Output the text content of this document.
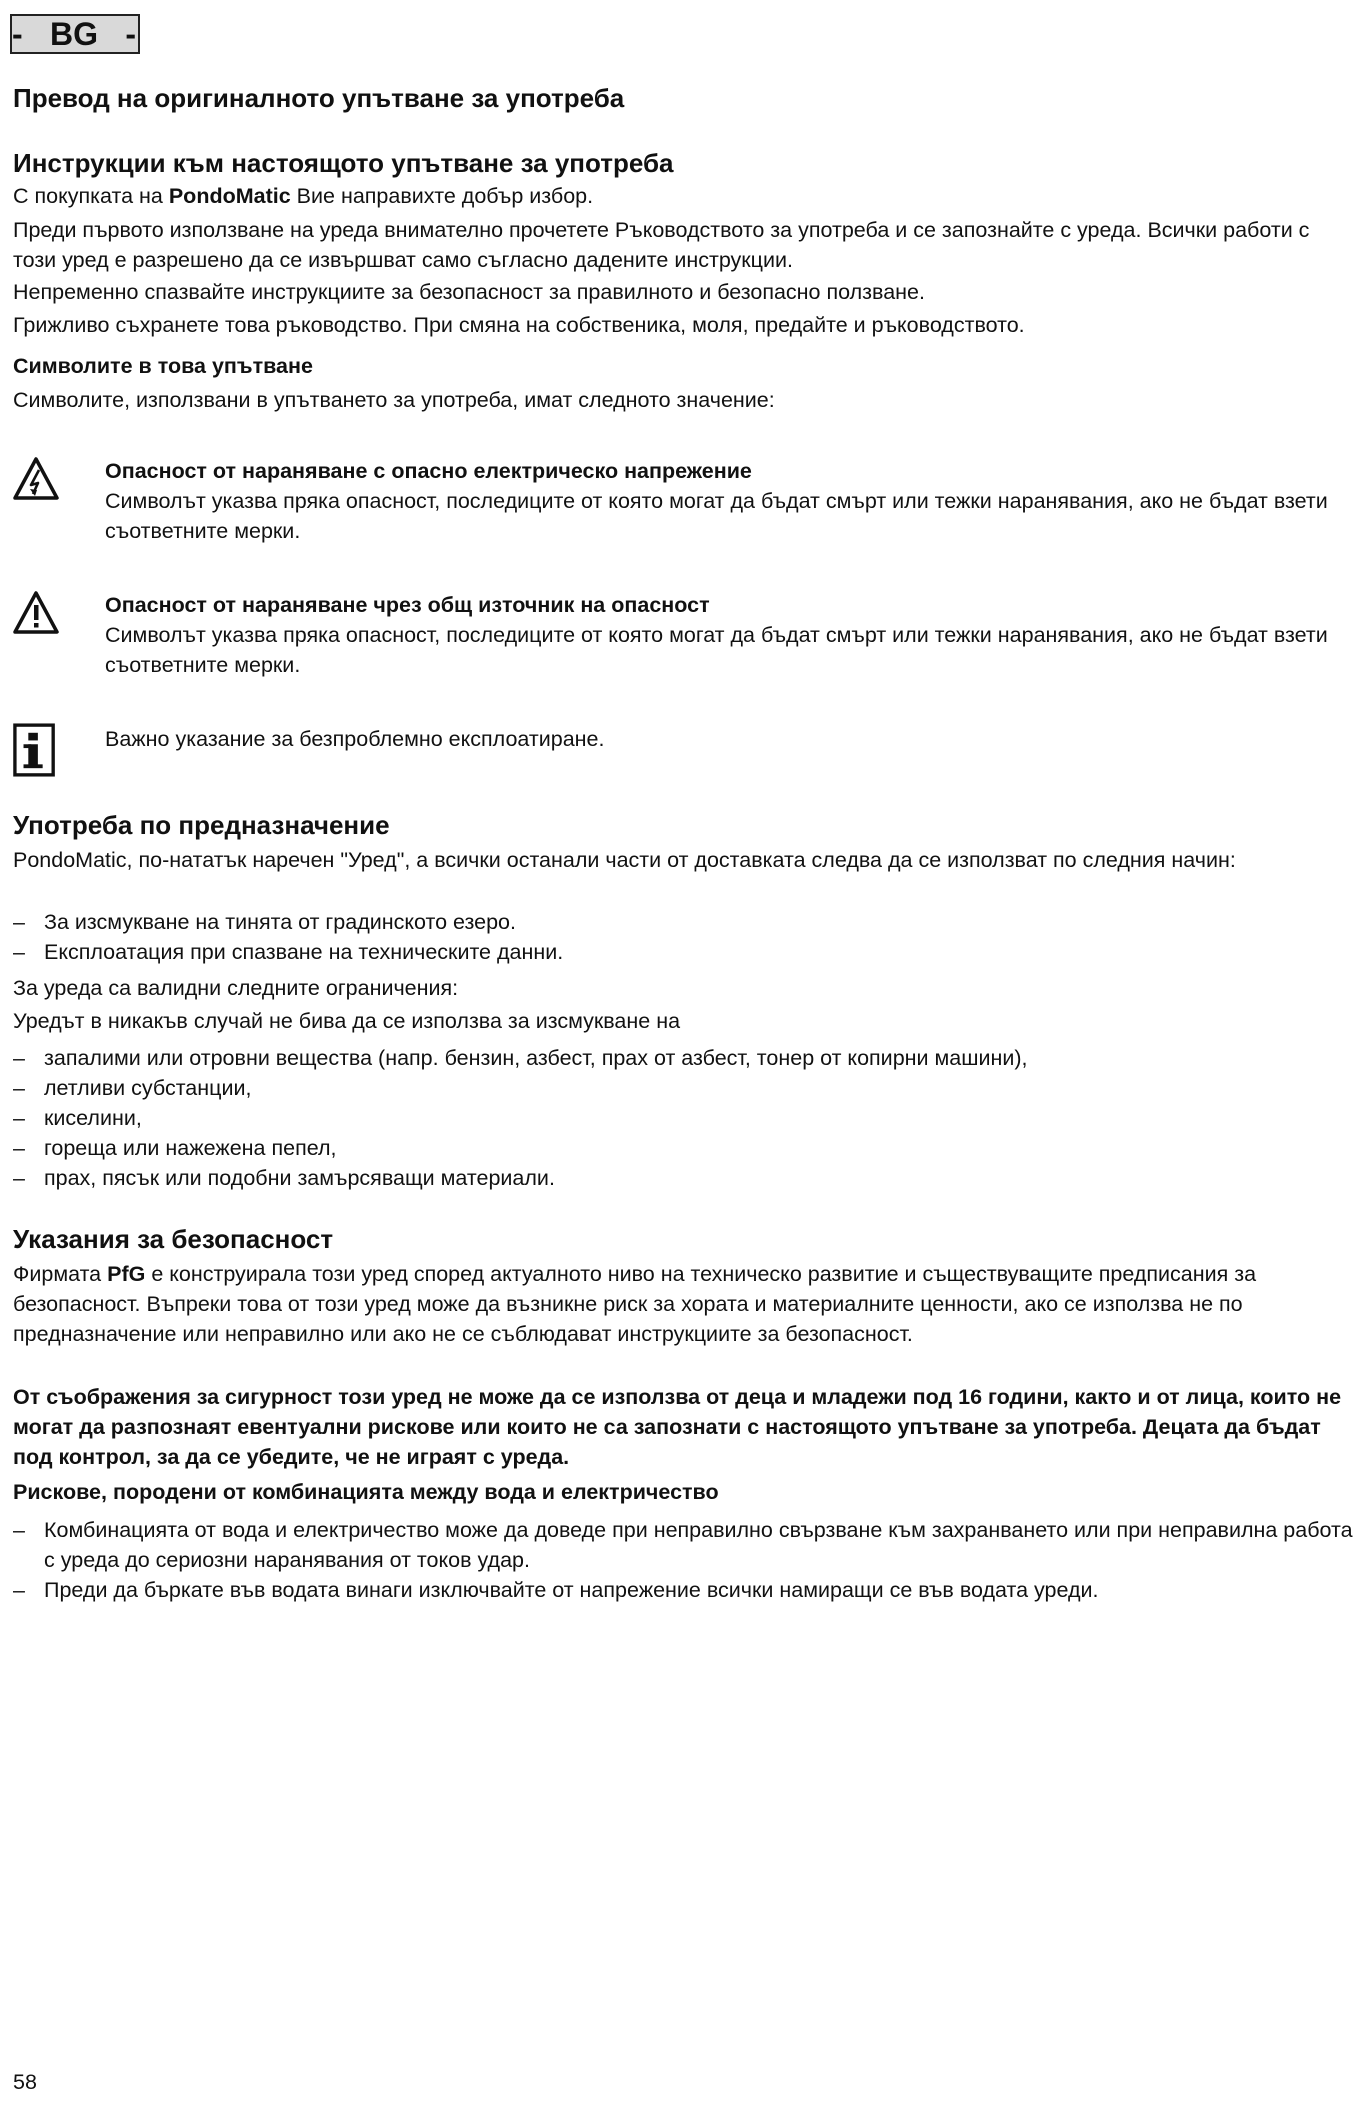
- BG -
Превод на оригиналното упътване за употреба
Инструкции към настоящото упътване за употреба

С покупката на PondoMatic Вие направихте добър избор.

Преди първото използване на уреда внимателно прочетете Ръководството за употреба и се запознайте с уреда. Всички работи с този уред е разрешено да се извършват само съгласно дадените инструкции.

Непременно спазвайте инструкциите за безопасност за правилното и безопасно ползване.

Грижливо съхранете това ръководство. При смяна на собственика, моля, предайте и ръководството.

Символите в това упътване

Символите, използвани в упътването за употреба, имат следното значение:

Опасност от нараняване с опасно електрическо напрежение
Символът указва пряка опасност, последиците от която могат да бъдат смърт или тежки наранявания, ако не бъдат взети съответните мерки.
Опасност от нараняване чрез общ източник на опасност
Символът указва пряка опасност, последиците от която могат да бъдат смърт или тежки наранявания, ако не бъдат взети съответните мерки.
Важно указание за безпроблемно експлоатиране.
Употреба по предназначение

PondoMatic, по-нататък наречен "Уред", а всички останали части от доставката следва да се използват по следния начин:

– За изсмукване на тинята от градинското езеро.
– Експлоатация при спазване на техническите данни.

За уреда са валидни следните ограничения:

Уредът в никакъв случай не бива да се използва за изсмукване на

– запалими или отровни вещества (напр. бензин, азбест, прах от азбест, тонер от копирни машини),
– летливи субстанции,
– киселини,
– гореща или нажежена пепел,
– прах, пясък или подобни замърсяващи материали.
Указания за безопасност

Фирмата PfG е конструирала този уред според актуалното ниво на техническо развитие и съществуващите предписания за безопасност. Въпреки това от този уред може да възникне риск за хората и материалните ценности, ако се използва не по предназначение или неправилно или ако не се съблюдават инструкциите за безопасност.

От съображения за сигурност този уред не може да се използва от деца и младежи под 16 години, както и от лица, които не могат да разпознаят евентуални рискове или които не са запознати с настоящото упътване за употреба. Децата да бъдат под контрол, за да се убедите, че не играят с уреда.

Рискове, породени от комбинацията между вода и електричество
– Комбинацията от вода и електричество може да доведе при неправилно свързване към захранването или при неправилна работа с уреда до сериозни наранявания от токов удар.
– Преди да бъркате във водата винаги изключвайте от напрежение всички намиращи се във водата уреди.
58
